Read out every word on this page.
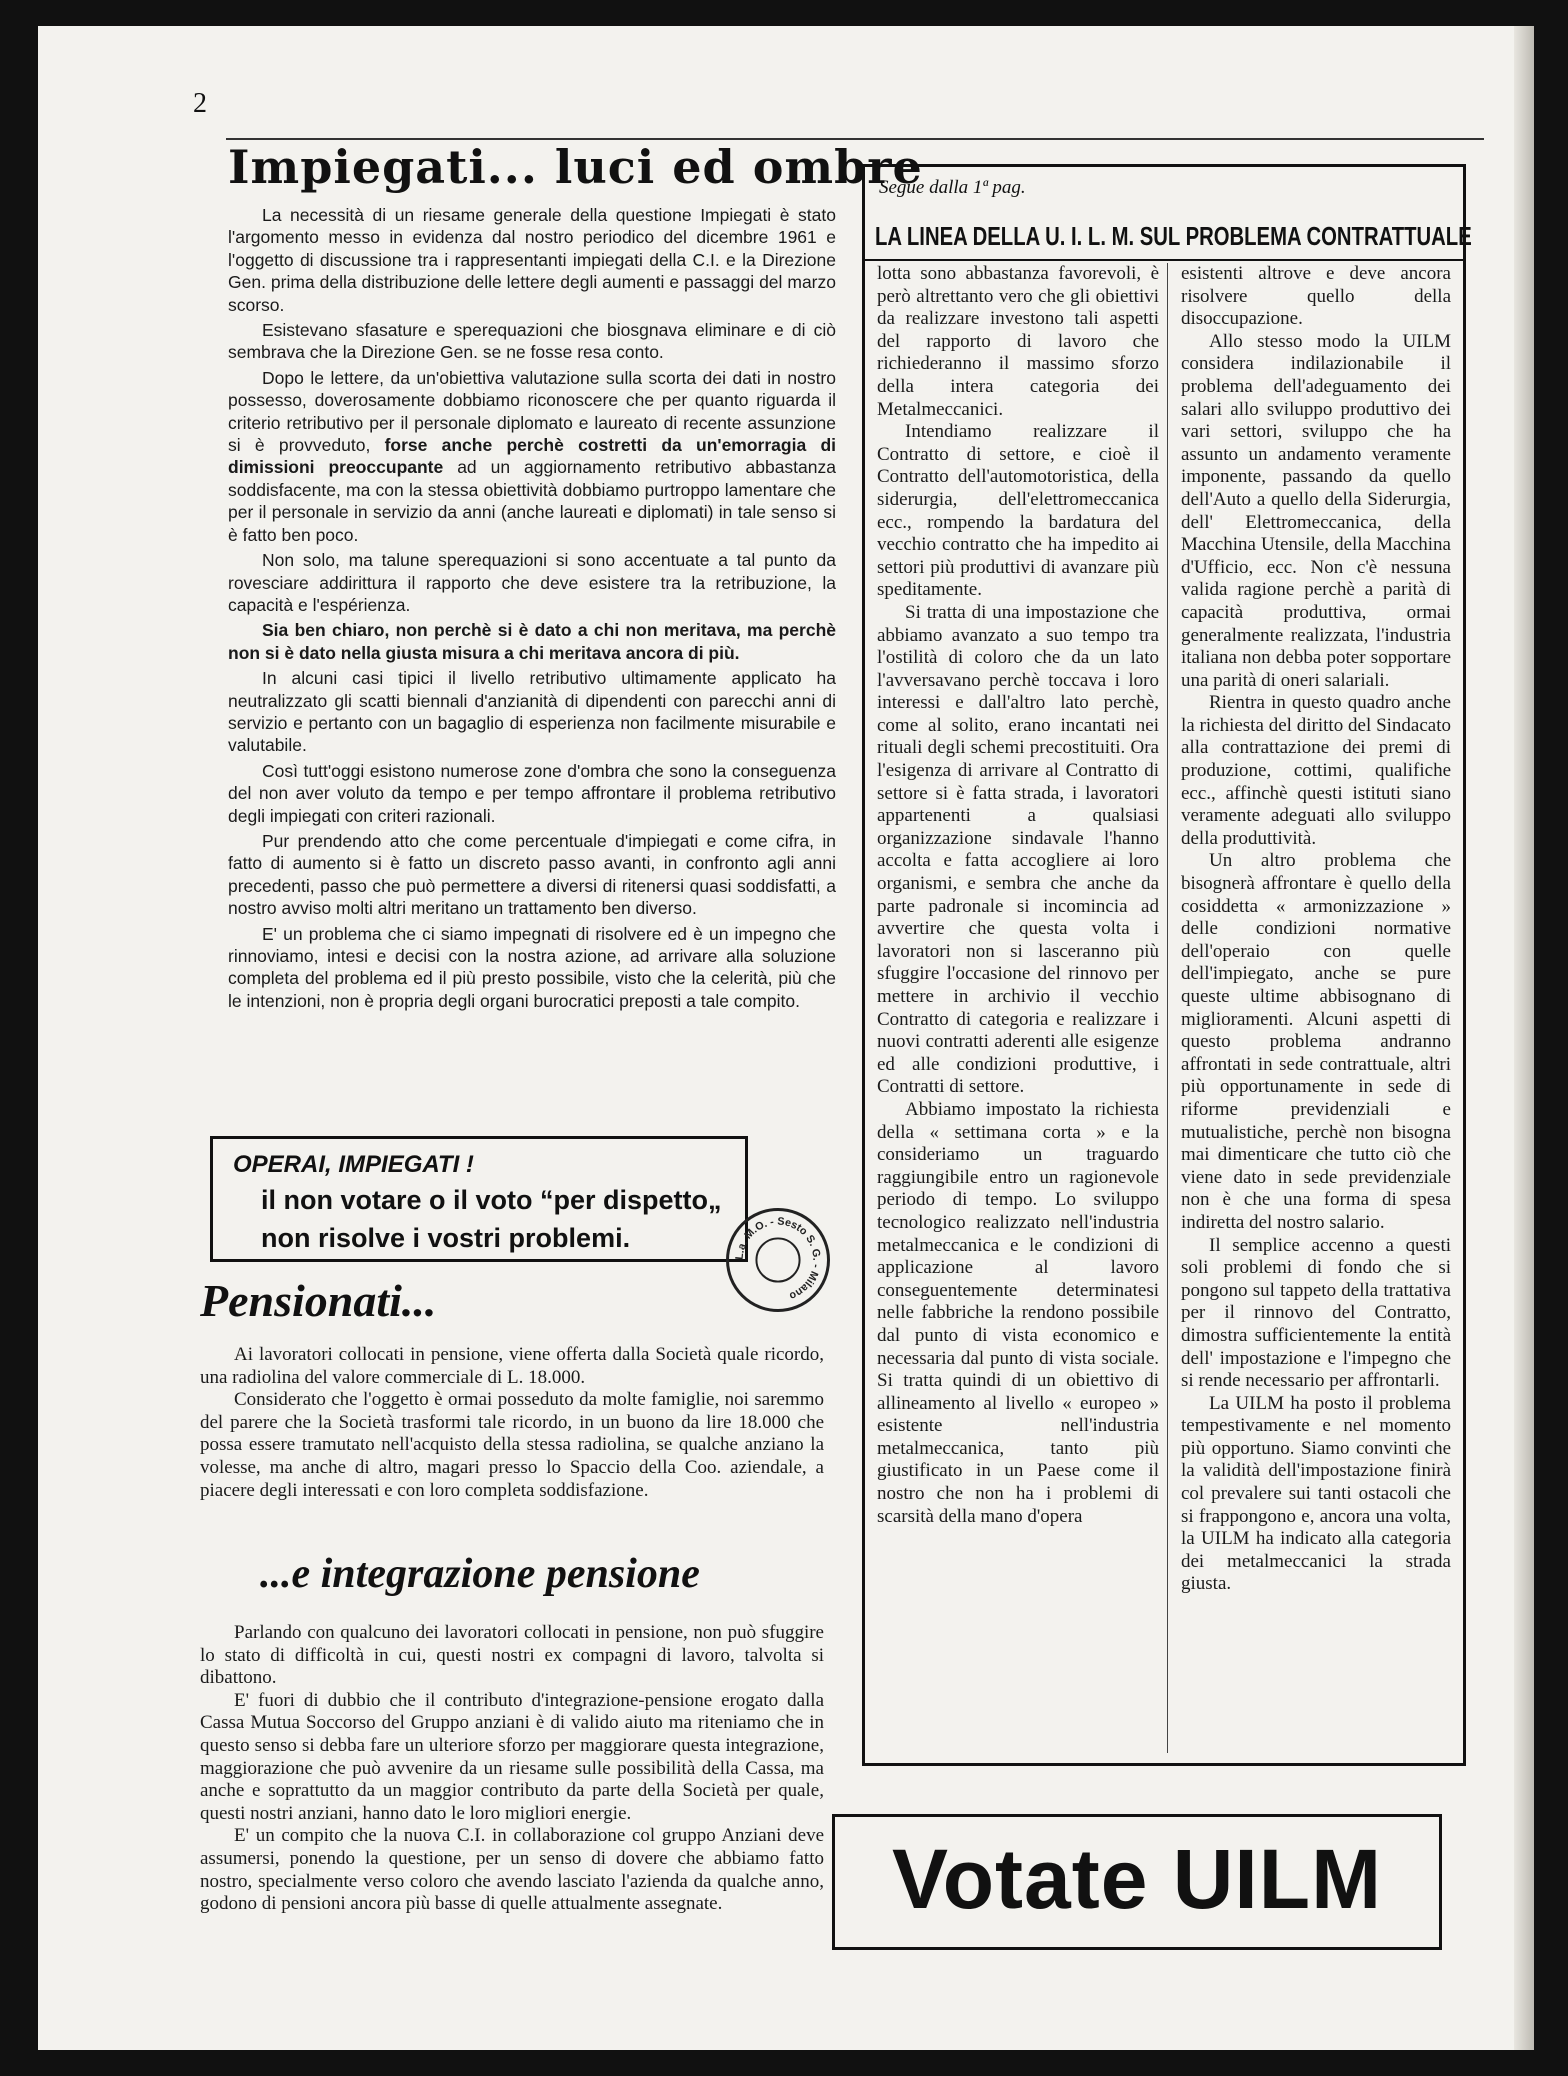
2
Impiegati... luci ed ombre

La necessità di un riesame generale della questione Impiegati è stato l'argomento messo in evidenza dal nostro periodico del dicembre 1961 e l'oggetto di discussione tra i rappresentanti impiegati della C.I. e la Direzione Gen. prima della distribuzione delle lettere degli aumenti e passaggi del marzo scorso.

Esistevano sfasature e sperequazioni che biosgnava eliminare e di ciò sembrava che la Direzione Gen. se ne fosse resa conto.

Dopo le lettere, da un'obiettiva valutazione sulla scorta dei dati in nostro possesso, doverosamente dobbiamo riconoscere che per quanto riguarda il criterio retributivo per il personale diplomato e laureato di recente assunzione si è provveduto, forse anche perchè costretti da un'emorragia di dimissioni preoccupante ad un aggiornamento retributivo abbastanza soddisfacente, ma con la stessa obiettività dobbiamo purtroppo lamentare che per il personale in servizio da anni (anche laureati e diplomati) in tale senso si è fatto ben poco.

Non solo, ma talune sperequazioni si sono accentuate a tal punto da rovesciare addirittura il rapporto che deve esistere tra la retribuzione, la capacità e l'espérienza.

Sia ben chiaro, non perchè si è dato a chi non meritava, ma perchè non si è dato nella giusta misura a chi meritava ancora di più.

In alcuni casi tipici il livello retributivo ultimamente applicato ha neutralizzato gli scatti biennali d'anzianità di dipendenti con parecchi anni di servizio e pertanto con un bagaglio di esperienza non facilmente misurabile e valutabile.

Così tutt'oggi esistono numerose zone d'ombra che sono la conseguenza del non aver voluto da tempo e per tempo affrontare il problema retributivo degli impiegati con criteri razionali.

Pur prendendo atto che come percentuale d'impiegati e come cifra, in fatto di aumento si è fatto un discreto passo avanti, in confronto agli anni precedenti, passo che può permettere a diversi di ritenersi quasi soddisfatti, a nostro avviso molti altri meritano un trattamento ben diverso.

E' un problema che ci siamo impegnati di risolvere ed è un impegno che rinnoviamo, intesi e decisi con la nostra azione, ad arrivare alla soluzione completa del problema ed il più presto possibile, visto che la celerità, più che le intenzioni, non è propria degli organi burocratici preposti a tale compito.

OPERAI, IMPIEGATI !
il non votare o il voto “per dispetto„
non risolve i vostri problemi.
L.a. M.O. - Sesto S. G. - Milano
Pensionati...

Ai lavoratori collocati in pensione, viene offerta dalla Società quale ricordo, una radiolina del valore commerciale di L. 18.000.

Considerato che l'oggetto è ormai posseduto da molte famiglie, noi saremmo del parere che la Società trasformi tale ricordo, in un buono da lire 18.000 che possa essere tramutato nell'acquisto della stessa radiolina, se qualche anziano la volesse, ma anche di altro, magari presso lo Spaccio della Coo. aziendale, a piacere degli interessati e con loro completa soddisfazione.

...e integrazione pensione

Parlando con qualcuno dei lavoratori collocati in pensione, non può sfuggire lo stato di difficoltà in cui, questi nostri ex compagni di lavoro, talvolta si dibattono.

E' fuori di dubbio che il contributo d'integrazione-pensione erogato dalla Cassa Mutua Soccorso del Gruppo anziani è di valido aiuto ma riteniamo che in questo senso si debba fare un ulteriore sforzo per maggiorare questa integrazione, maggiorazione che può avvenire da un riesame sulle possibilità della Cassa, ma anche e soprattutto da un maggior contributo da parte della Società per quale, questi nostri anziani, hanno dato le loro migliori energie.

E' un compito che la nuova C.I. in collaborazione col gruppo Anziani deve assumersi, ponendo la questione, per un senso di dovere che abbiamo fatto nostro, specialmente verso coloro che avendo lasciato l'azienda da qualche anno, godono di pensioni ancora più basse di quelle attualmente assegnate.

Segue dalla 1ª pag.
LA LINEA DELLA U. I. L. M. SUL PROBLEMA CONTRATTUALE

lotta sono abbastanza favorevoli, è però altrettanto vero che gli obiettivi da realizzare investono tali aspetti del rapporto di lavoro che richiederanno il massimo sforzo della intera categoria dei Metalmeccanici.

Intendiamo realizzare il Contratto di settore, e cioè il Contratto dell'automotoristica, della siderurgia, dell'elettromeccanica ecc., rompendo la bardatura del vecchio contratto che ha impedito ai settori più produttivi di avanzare più speditamente.

Si tratta di una impostazione che abbiamo avanzato a suo tempo tra l'ostilità di coloro che da un lato l'avversavano perchè toccava i loro interessi e dall'altro lato perchè, come al solito, erano incantati nei rituali degli schemi precostituiti. Ora l'esigenza di arrivare al Contratto di settore si è fatta strada, i lavoratori appartenenti a qualsiasi organizzazione sindavale l'hanno accolta e fatta accogliere ai loro organismi, e sembra che anche da parte padronale si incomincia ad avvertire che questa volta i lavoratori non si lasceranno più sfuggire l'occasione del rinnovo per mettere in archivio il vecchio Contratto di categoria e realizzare i nuovi contratti aderenti alle esigenze ed alle condizioni produttive, i Contratti di settore.

Abbiamo impostato la richiesta della « settimana corta » e la consideriamo un traguardo raggiungibile entro un ragionevole periodo di tempo. Lo sviluppo tecnologico realizzato nell'industria metalmeccanica e le condizioni di applicazione al lavoro conseguentemente determinatesi nelle fabbriche la rendono possibile dal punto di vista economico e necessaria dal punto di vista sociale. Si tratta quindi di un obiettivo di allineamento al livello « europeo » esistente nell'industria metalmeccanica, tanto più giustificato in un Paese come il nostro che non ha i problemi di scarsità della mano d'opera

esistenti altrove e deve ancora risolvere quello della disoccupazione.

Allo stesso modo la UILM considera indilazionabile il problema dell'adeguamento dei salari allo sviluppo produttivo dei vari settori, sviluppo che ha assunto un andamento veramente imponente, passando da quello dell'Auto a quello della Siderurgia, dell' Elettromeccanica, della Macchina Utensile, della Macchina d'Ufficio, ecc. Non c'è nessuna valida ragione perchè a parità di capacità produttiva, ormai generalmente realizzata, l'industria italiana non debba poter sopportare una parità di oneri salariali.

Rientra in questo quadro anche la richiesta del diritto del Sindacato alla contrattazione dei premi di produzione, cottimi, qualifiche ecc., affinchè questi istituti siano veramente adeguati allo sviluppo della produttività.

Un altro problema che bisognerà affrontare è quello della cosiddetta « armonizzazione » delle condizioni normative dell'operaio con quelle dell'impiegato, anche se pure queste ultime abbisognano di miglioramenti. Alcuni aspetti di questo problema andranno affrontati in sede contrattuale, altri più opportunamente in sede di riforme previdenziali e mutualistiche, perchè non bisogna mai dimenticare che tutto ciò che viene dato in sede previdenziale non è che una forma di spesa indiretta del nostro salario.

Il semplice accenno a questi soli problemi di fondo che si pongono sul tappeto della trattativa per il rinnovo del Contratto, dimostra sufficientemente la entità dell' impostazione e l'impegno che si rende necessario per affrontarli.

La UILM ha posto il problema tempestivamente e nel momento più opportuno. Siamo convinti che la validità dell'impostazione finirà col prevalere sui tanti ostacoli che si frappongono e, ancora una volta, la UILM ha indicato alla categoria dei metalmeccanici la strada giusta.

Votate UILM
